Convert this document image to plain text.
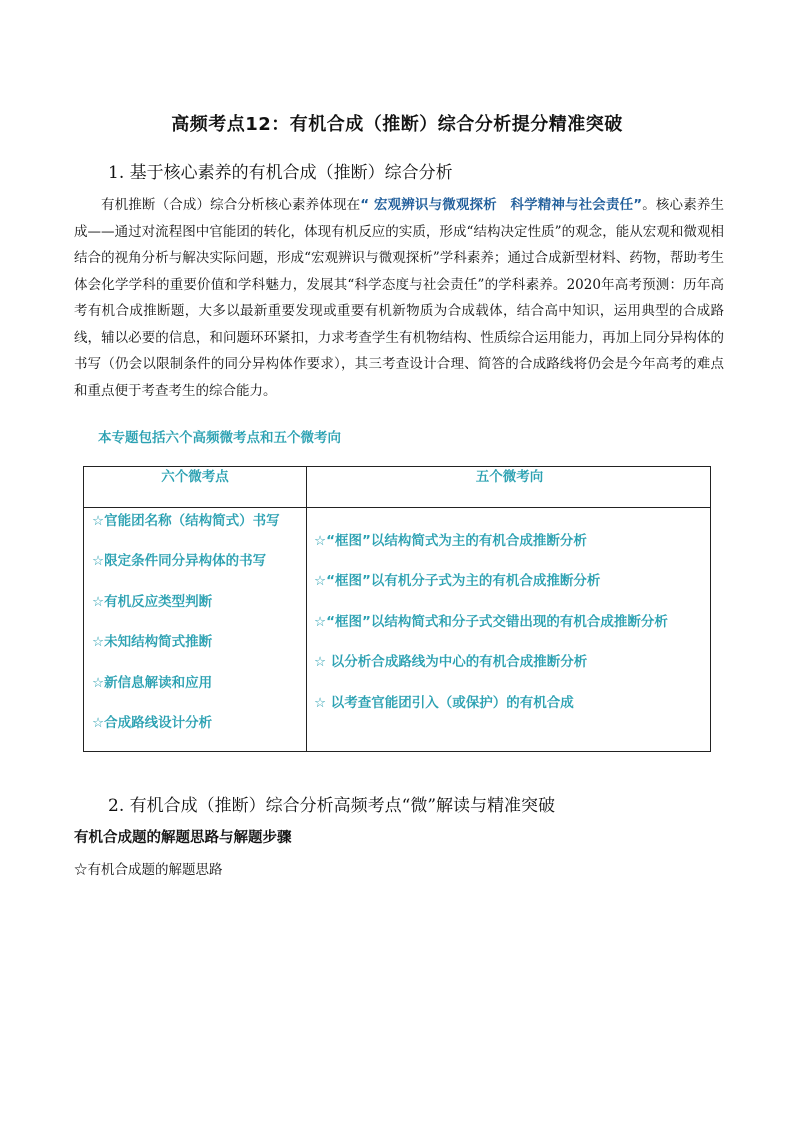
高频考点12：有机合成（推断）综合分析提分精准突破
1. 基于核心素养的有机合成（推断）综合分析
有机推断（合成）综合分析核心素养体现在“ 宏观辨识与微观探析　科学精神与社会责任”。核心素养生成——通过对流程图中官能团的转化，体现有机反应的实质，形成“结构决定性质”的观念，能从宏观和微观相结合的视角分析与解决实际问题，形成“宏观辨识与微观探析”学科素养；通过合成新型材料、药物，帮助考生体会化学学科的重要价值和学科魅力，发展其“科学态度与社会责任”的学科素养。2020年高考预测：历年高考有机合成推断题，大多以最新重要发现或重要有机新物质为合成载体，结合高中知识，运用典型的合成路线，辅以必要的信息，和问题环环紧扣，力求考查学生有机物结构、性质综合运用能力，再加上同分异构体的书写（仍会以限制条件的同分异构体作要求），其三考查设计合理、简答的合成路线将仍会是今年高考的难点和重点便于考查考生的综合能力。
本专题包括六个高频微考点和五个微考向
六个微考点	五个微考向
☆官能团名称（结构简式）书写
☆限定条件同分异构体的书写
☆有机反应类型判断
☆未知结构简式推断
☆新信息解读和应用
☆合成路线设计分析
☆“框图”以结构简式为主的有机合成推断分析
☆“框图”以有机分子式为主的有机合成推断分析
☆“框图”以结构简式和分子式交错出现的有机合成推断分析
☆ 以分析合成路线为中心的有机合成推断分析
☆ 以考查官能团引入（或保护）的有机合成
2. 有机合成（推断）综合分析高频考点“微”解读与精准突破
有机合成题的解题思路与解题步骤
☆有机合成题的解题思路
